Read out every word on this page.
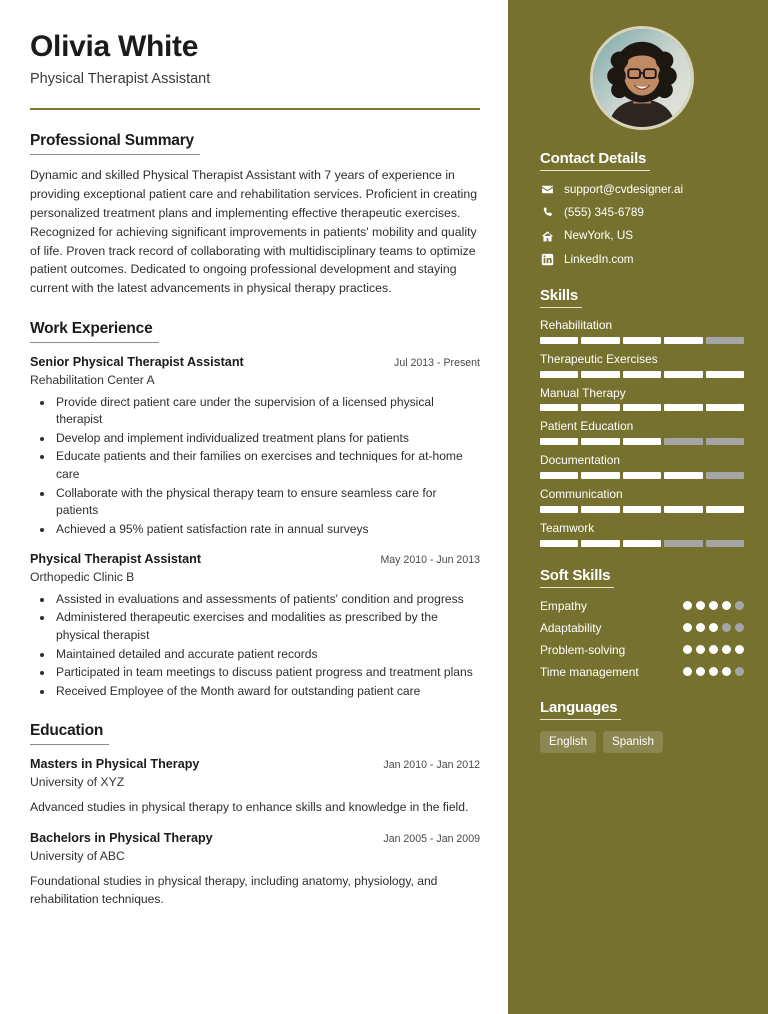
Olivia White
Physical Therapist Assistant
Professional Summary

Dynamic and skilled Physical Therapist Assistant with 7 years of experience in providing exceptional patient care and rehabilitation services. Proficient in creating personalized treatment plans and implementing effective therapeutic exercises. Recognized for achieving significant improvements in patients' mobility and quality of life. Proven track record of collaborating with multidisciplinary teams to optimize patient outcomes. Dedicated to ongoing professional development and staying current with the latest advancements in physical therapy practices.

Work Experience
Senior Physical Therapist Assistant	Jul 2013 - Present
Rehabilitation Center A
• Provide direct patient care under the supervision of a licensed physical therapist
• Develop and implement individualized treatment plans for patients
• Educate patients and their families on exercises and techniques for at-home care
• Collaborate with the physical therapy team to ensure seamless care for patients
• Achieved a 95% patient satisfaction rate in annual surveys
Physical Therapist Assistant	May 2010 - Jun 2013
Orthopedic Clinic B
• Assisted in evaluations and assessments of patients' condition and progress
• Administered therapeutic exercises and modalities as prescribed by the physical therapist
• Maintained detailed and accurate patient records
• Participated in team meetings to discuss patient progress and treatment plans
• Received Employee of the Month award for outstanding patient care
Education
Masters in Physical Therapy	Jan 2010 - Jan 2012
University of XYZ

Advanced studies in physical therapy to enhance skills and knowledge in the field.

Bachelors in Physical Therapy	Jan 2005 - Jan 2009
University of ABC

Foundational studies in physical therapy, including anatomy, physiology, and rehabilitation techniques.

Contact Details
support@cvdesigner.ai
(555) 345-6789
NewYork, US
LinkedIn.com
Skills
Rehabilitation
Therapeutic Exercises
Manual Therapy
Patient Education
Documentation
Communication
Teamwork
Soft Skills
Empathy
Adaptability
Problem-solving
Time management
Languages
English	Spanish
